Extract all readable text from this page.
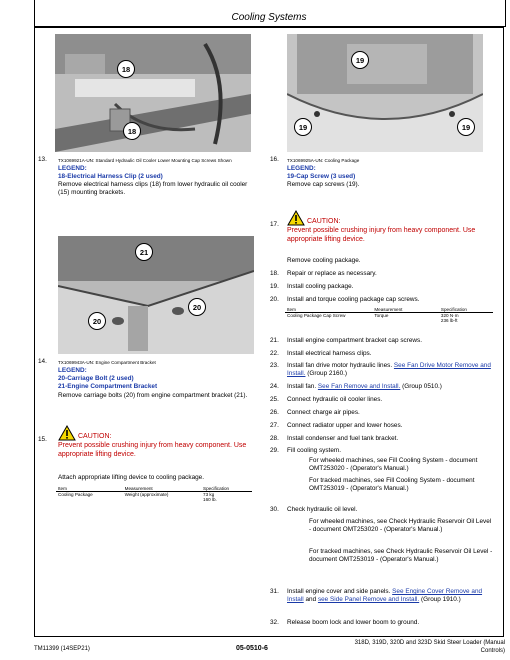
Cooling Systems
18
18
19
19	19
13.	TX1069921A-UN: Standard Hydraulic Oil Cooler Lower Mounting Cap Screws Shown
LEGEND:
18-Electrical Harness Clip (2 used)
Remove electrical harness clips (18) from lower hydraulic oil cooler (15) mounting brackets.
16.	TX1069925A-UN: Cooling Package
LEGEND:
19-Cap Screw (3 used)
Remove cap screws (19).
21
20
20
14.	TX1069943A-UN: Engine Compartment Bracket
LEGEND:
20-Carriage Bolt (2 used)
21-Engine Compartment Bracket
Remove carriage bolts (20) from engine compartment bracket (21).
15.	CAUTION:
Prevent possible crushing injury from heavy component. Use appropriate lifting device.
Attach appropriate lifting device to cooling package.
Item	Measurement	Specification
Cooling Package	Weight (approximate)	73 kg
160 lb.
17.	CAUTION:
Prevent possible crushing injury from heavy component. Use appropriate lifting device.
Remove cooling package.
18.	Repair or replace as necessary.
19.	Install cooling package.
20.	Install and torque cooling package cap screws.
Item	Measurement	Specification
Cooling Package Cap Screw	Torque	320 N·m
236 lb-ft
21.	Install engine compartment bracket cap screws.
22.	Install electrical harness clips.
23.	Install fan drive motor hydraulic lines. See Fan Drive Motor Remove and Install. (Group 2160.)
24.	Install fan. See Fan Remove and Install. (Group 0510.)
25.	Connect hydraulic oil cooler lines.
26.	Connect charge air pipes.
27.	Connect radiator upper and lower hoses.
28.	Install condenser and fuel tank bracket.
29.	Fill cooling system.
For wheeled machines, see Fill Cooling System - document OMT253020 - (Operator's Manual.)
For tracked machines, see Fill Cooling System - document OMT253019 - (Operator's Manual.)
30.	Check hydraulic oil level.
For wheeled machines, see Check Hydraulic Reservoir Oil Level - document OMT253020 - (Operator's Manual.)
For tracked machines, see Check Hydraulic Reservoir Oil Level - document OMT253019 - (Operator's Manual.)
31.	Install engine cover and side panels. See Engine Cover Remove and Install and see Side Panel Remove and Install. (Group 1910.)
32.	Release boom lock and lower boom to ground.
TM11399 (14SEP21)	05-0510-6
318D, 319D, 320D and 323D Skid Steer Loader (Manual
Controls)
